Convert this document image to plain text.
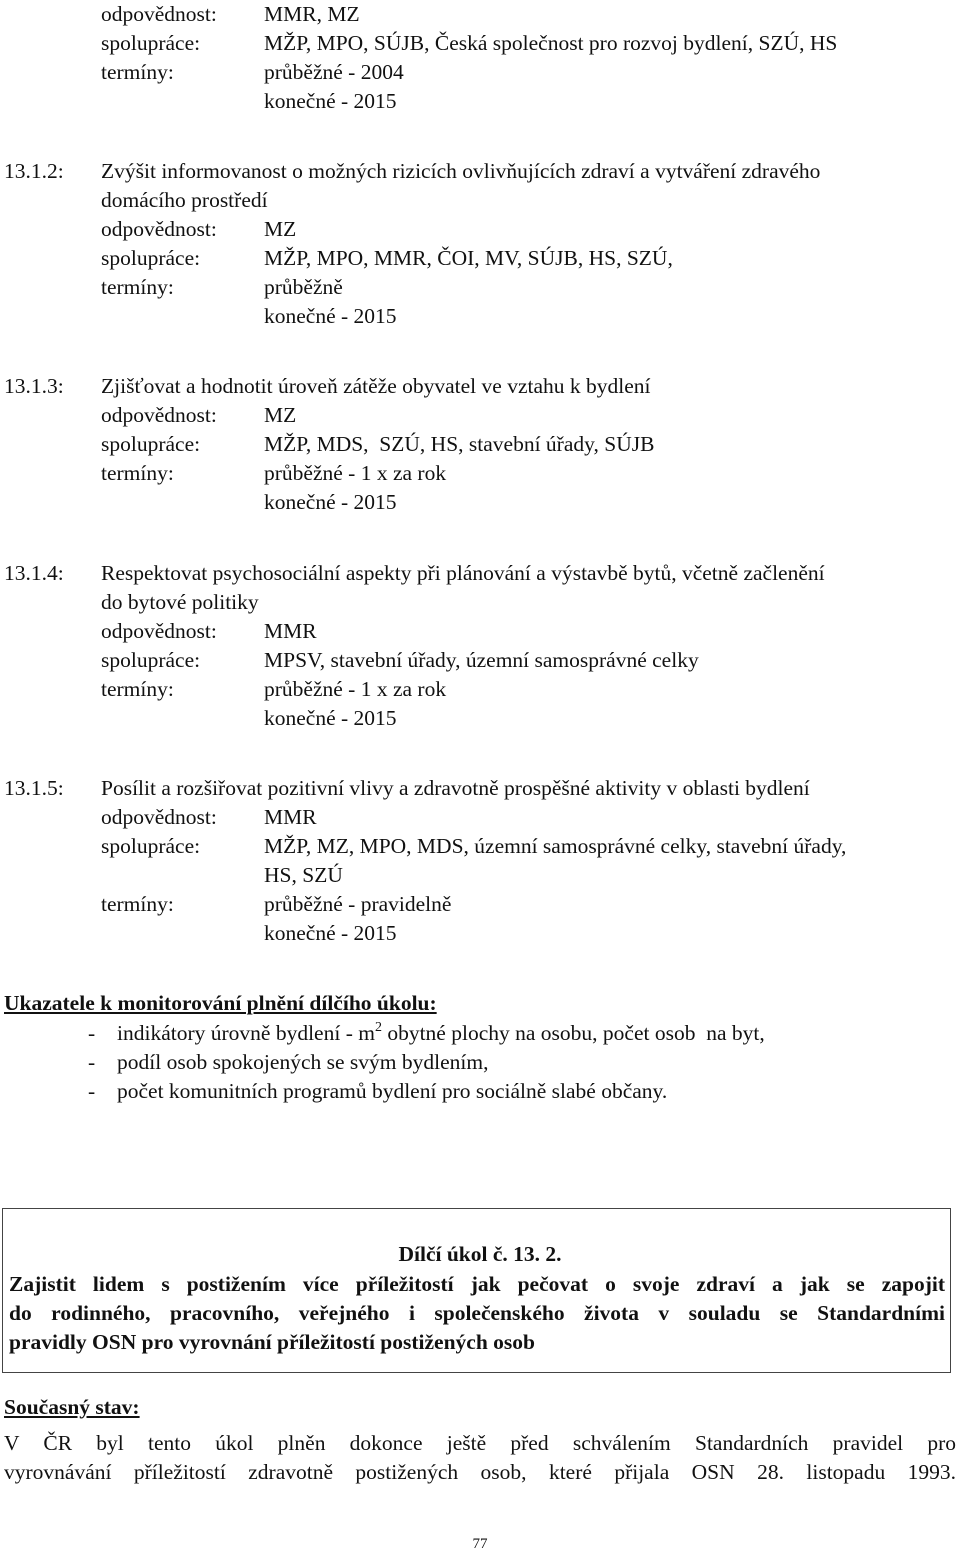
odpovědnost: MMR, MZ
spolupráce:	MŽP, MPO, SÚJB, Česká společnost pro rozvoj bydlení, SZÚ, HS
termíny:	průběžné - 2004
konečné - 2015
13.1.2: Zvýšit informovanost o možných rizicích ovlivňujících zdraví a vytváření zdravého
domácího prostředí
odpovědnost: MZ
spolupráce:	MŽP, MPO, MMR, ČOI, MV, SÚJB, HS, SZÚ,
termíny:	průběžně
konečné - 2015
13.1.3: Zjišťovat a hodnotit úroveň zátěže obyvatel ve vztahu k bydlení
odpovědnost: MZ
spolupráce:	MŽP, MDS,  SZÚ, HS, stavební úřady, SÚJB
termíny:	průběžné - 1 x za rok
konečné - 2015
13.1.4: Respektovat psychosociální aspekty při plánování a výstavbě bytů, včetně začlenění
do bytové politiky
odpovědnost: MMR
spolupráce:	MPSV, stavební úřady, územní samosprávné celky
termíny:	průběžné - 1 x za rok
konečné - 2015
13.1.5: Posílit a rozšiřovat pozitivní vlivy a zdravotně prospěšné aktivity v oblasti bydlení
odpovědnost: MMR
spolupráce:	MŽP, MZ, MPO, MDS, územní samosprávné celky, stavební úřady,
HS, SZÚ
termíny:	průběžné - pravidelně
konečné - 2015
Ukazatele k monitorování plnění dílčího úkolu:
- indikátory úrovně bydlení - $m^2$ obytné plochy na osobu, počet osob  na byt,
- podíl osob spokojených se svým bydlením,
- počet komunitních programů bydlení pro sociálně slabé občany.
Dílčí úkol č. 13. 2.
Zajistit lidem s postižením více příležitostí jak pečovat o svoje zdraví a jak se zapojit
do rodinného, pracovního, veřejného i společenského života v souladu se Standardními
pravidly OSN pro vyrovnání příležitostí postižených osob
Současný stav:
V ČR byl tento úkol plněn dokonce ještě před schválením Standardních pravidel pro
vyrovnávání příležitostí zdravotně postižených osob, které přijala OSN 28. listopadu 1993.
77
